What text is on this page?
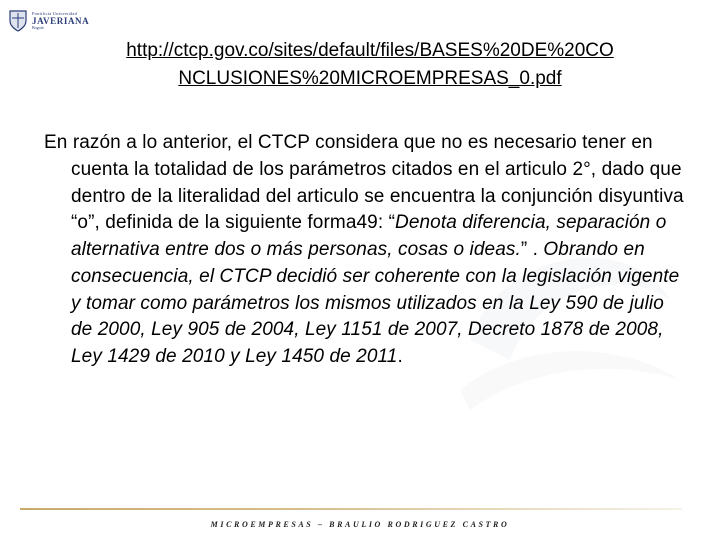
Pontificia Universidad
JAVERIANA
Bogotá
http://ctcp.gov.co/sites/default/files/BASES%20DE%20CO
NCLUSIONES%20MICROEMPRESAS_0.pdf
En razón a lo anterior, el CTCP considera que no es necesario tener en cuenta la totalidad de los parámetros citados en el articulo 2°, dado que dentro de la literalidad del articulo se encuentra la conjunción disyuntiva “o”, definida de la siguiente forma49: “Denota diferencia, separación o alternativa entre dos o más personas, cosas o ideas.” . Obrando en consecuencia, el CTCP decidió ser coherente con la legislación vigente y tomar como parámetros los mismos utilizados en la Ley 590 de julio de 2000, Ley 905 de 2004, Ley 1151 de 2007, Decreto 1878 de 2008, Ley 1429 de 2010 y Ley 1450 de 2011.
MICROEMPRESAS – BRAULIO RODRIGUEZ CASTRO
